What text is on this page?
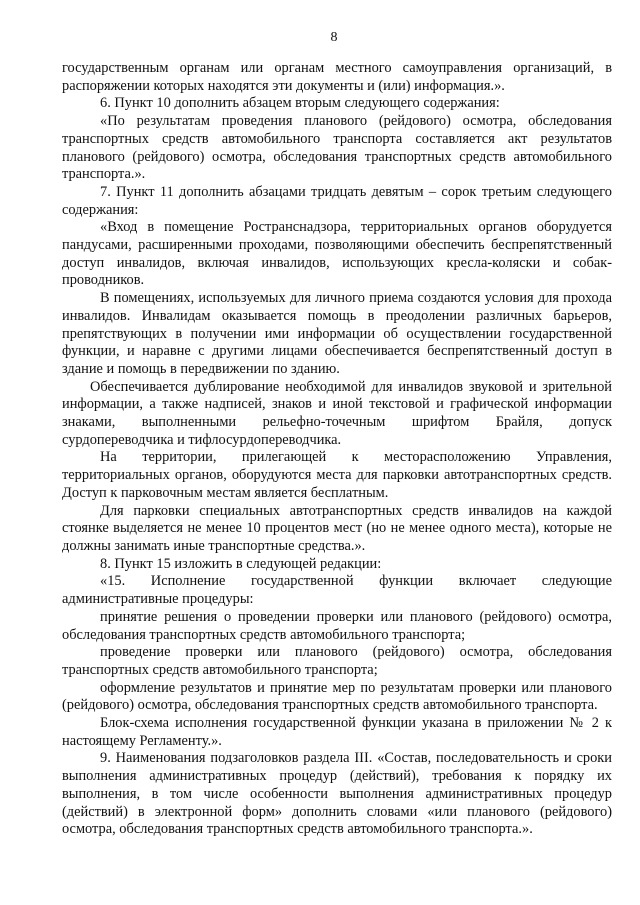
8

государственным органам или органам местного самоуправления организаций, в распоряжении которых находятся эти документы и (или) информация.».

6. Пункт 10 дополнить абзацем вторым следующего содержания:

«По результатам проведения планового (рейдового) осмотра, обследования транспортных средств автомобильного транспорта составляется акт результатов планового (рейдового) осмотра, обследования транспортных средств автомобильного транспорта.».

7. Пункт 11 дополнить абзацами тридцать девятым – сорок третьим следующего содержания:

«Вход в помещение Ространснадзора, территориальных органов оборудуется пандусами, расширенными проходами, позволяющими обеспечить беспрепятственный доступ инвалидов, включая инвалидов, использующих кресла-коляски и собак-проводников.

В помещениях, используемых для личного приема создаются условия для прохода инвалидов. Инвалидам оказывается помощь в преодолении различных барьеров, препятствующих в получении ими информации об осуществлении государственной функции, и наравне с другими лицами обеспечивается беспрепятственный доступ в здание и помощь в передвижении по зданию.

Обеспечивается дублирование необходимой для инвалидов звуковой и зрительной информации, а также надписей, знаков и иной текстовой и графической информации знаками, выполненными рельефно-точечным шрифтом Брайля, допуск сурдопереводчика и тифлосурдопереводчика.

На территории, прилегающей к месторасположению Управления, территориальных органов, оборудуются места для парковки автотранспортных средств. Доступ к парковочным местам является бесплатным.

Для парковки специальных автотранспортных средств инвалидов на каждой стоянке выделяется не менее 10 процентов мест (но не менее одного места), которые не должны занимать иные транспортные средства.».

8. Пункт 15 изложить в следующей редакции:

«15. Исполнение государственной функции включает следующие административные процедуры:

принятие решения о проведении проверки или планового (рейдового) осмотра, обследования транспортных средств автомобильного транспорта;

проведение проверки или планового (рейдового) осмотра, обследования транспортных средств автомобильного транспорта;

оформление результатов и принятие мер по результатам проверки или планового (рейдового) осмотра, обследования транспортных средств автомобильного транспорта.

Блок-схема исполнения государственной функции указана в приложении № 2 к настоящему Регламенту.».

9. Наименования подзаголовков раздела III. «Состав, последовательность и сроки выполнения административных процедур (действий), требования к порядку их выполнения, в том числе особенности выполнения административных процедур (действий) в электронной форм» дополнить словами «или планового (рейдового) осмотра, обследования транспортных средств автомобильного транспорта.».
